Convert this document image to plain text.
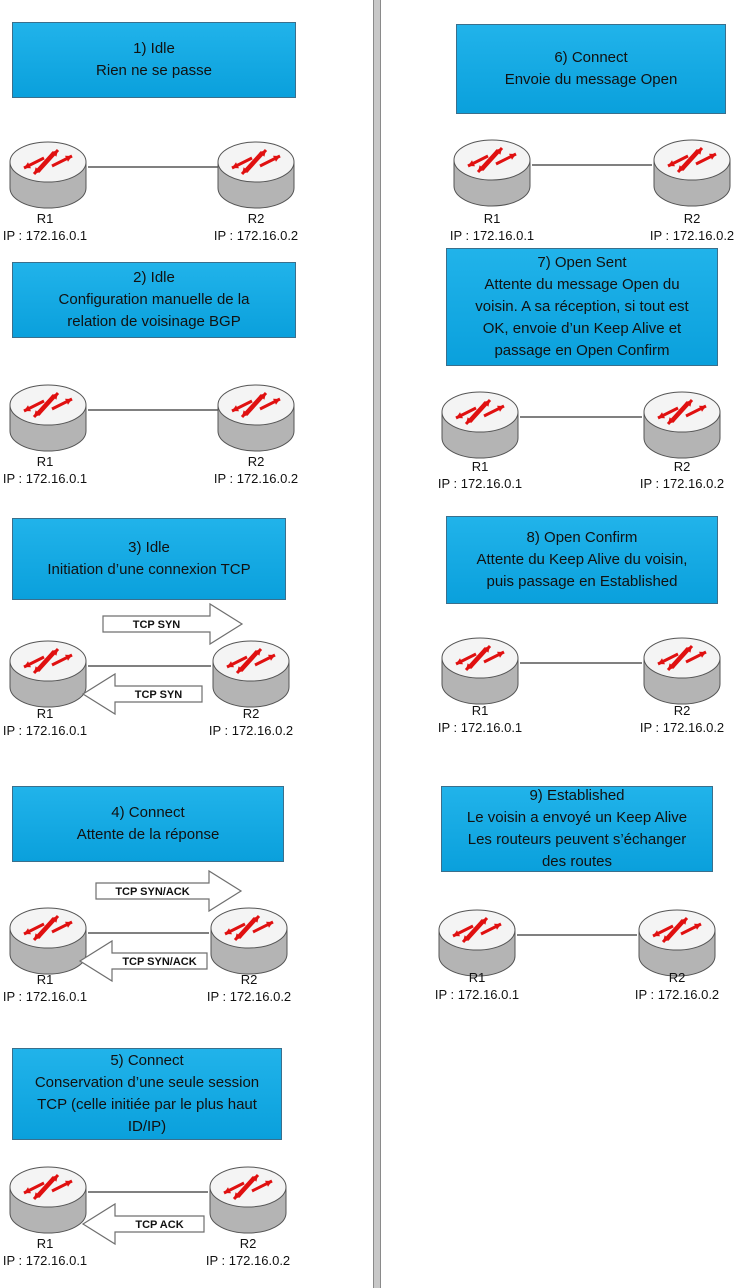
TCP SYN
TCP SYN
TCP SYN/ACK
TCP SYN/ACK
TCP ACK
1) Idle
Rien ne se passe
R1
IP : 172.16.0.1
R2
IP : 172.16.0.2
2) Idle
Configuration manuelle de la
relation de voisinage BGP
R1
IP : 172.16.0.1
R2
IP : 172.16.0.2
3) Idle
Initiation d’une connexion TCP
R1
IP : 172.16.0.1
R2
IP : 172.16.0.2
4) Connect
Attente de la réponse
R1
IP : 172.16.0.1
R2
IP : 172.16.0.2
5) Connect
Conservation d’une seule session
TCP (celle initiée par le plus haut
ID/IP)
R1
IP : 172.16.0.1
R2
IP : 172.16.0.2
6) Connect
Envoie du message Open
R1
IP : 172.16.0.1
R2
IP : 172.16.0.2
7) Open Sent
Attente du message Open du
voisin. A sa réception, si tout est
OK, envoie d’un Keep Alive et
passage en Open Confirm
R1
IP : 172.16.0.1
R2
IP : 172.16.0.2
8) Open Confirm
Attente du Keep Alive du voisin,
puis passage en Established
R1
IP : 172.16.0.1
R2
IP : 172.16.0.2
9) Established
Le voisin a envoyé un Keep Alive
Les routeurs peuvent s’échanger
des routes
R1
IP : 172.16.0.1
R2
IP : 172.16.0.2
